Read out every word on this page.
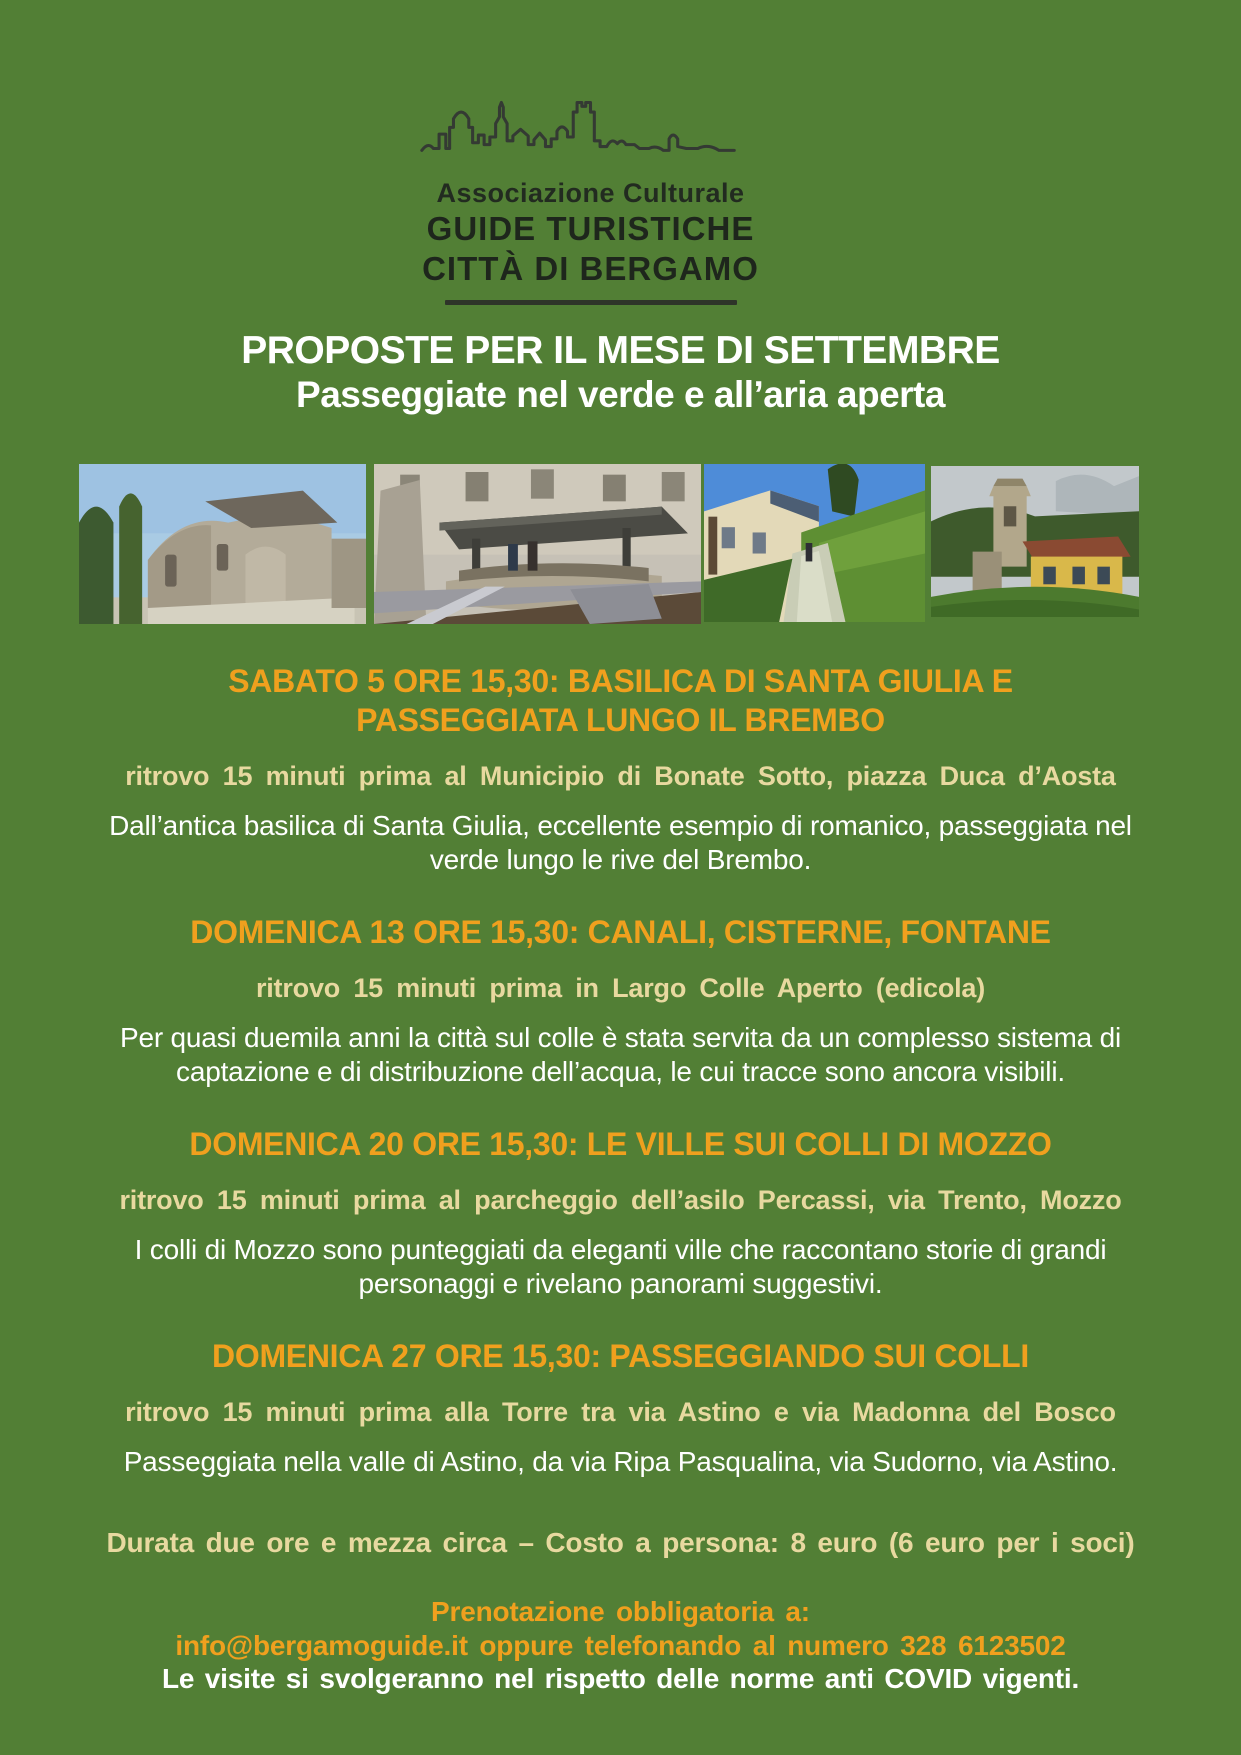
Associazione Culturale
GUIDE TURISTICHE
CITTÀ DI BERGAMO
PROPOSTE PER IL MESE DI SETTEMBRE
Passeggiate nel verde e all’aria aperta
SABATO 5 ORE 15,30: BASILICA DI SANTA GIULIA E PASSEGGIATA LUNGO IL BREMBO
ritrovo 15 minuti prima al Municipio di Bonate Sotto, piazza Duca d’Aosta
Dall’antica basilica di Santa Giulia, eccellente esempio di romanico, passeggiata nel verde lungo le rive del Brembo.
DOMENICA 13 ORE 15,30: CANALI, CISTERNE, FONTANE
ritrovo 15 minuti prima in Largo Colle Aperto (edicola)
Per quasi duemila anni la città sul colle è stata servita da un complesso sistema di captazione e di distribuzione dell’acqua, le cui tracce sono ancora visibili.
DOMENICA 20 ORE 15,30: LE VILLE SUI COLLI DI MOZZO
ritrovo 15 minuti prima al parcheggio dell’asilo Percassi, via Trento, Mozzo
I colli di Mozzo sono punteggiati da eleganti ville che raccontano storie di grandi personaggi e rivelano panorami suggestivi.
DOMENICA 27 ORE 15,30: PASSEGGIANDO SUI COLLI
ritrovo 15 minuti prima alla Torre tra via Astino e via Madonna del Bosco
Passeggiata nella valle di Astino, da via Ripa Pasqualina, via Sudorno, via Astino.
Durata due ore e mezza circa – Costo a persona: 8 euro (6 euro per i soci)
Prenotazione obbligatoria a:
info@bergamoguide.it oppure telefonando al numero 328 6123502
Le visite si svolgeranno nel rispetto delle norme anti COVID vigenti.
